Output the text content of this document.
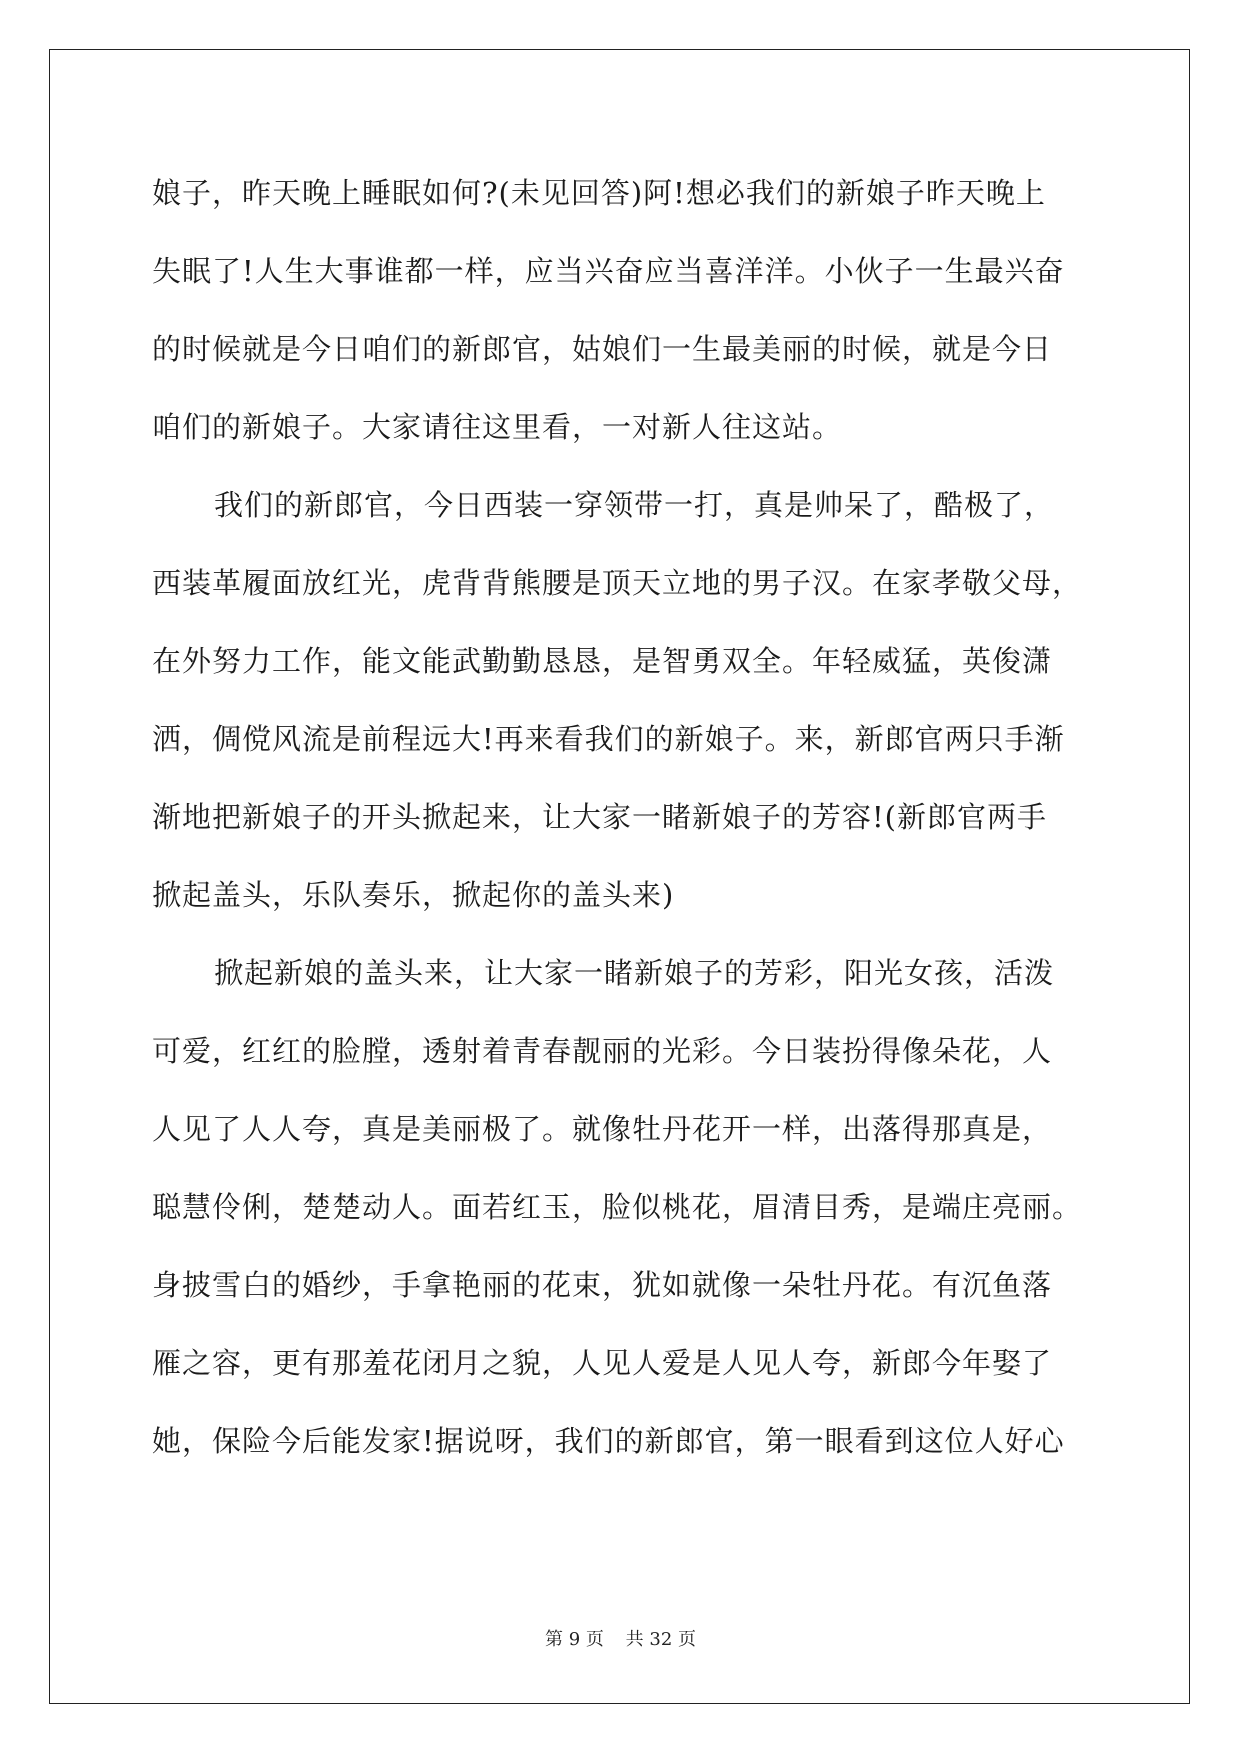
娘子，昨天晚上睡眠如何?(未见回答)阿!想必我们的新娘子昨天晚上
失眠了!人生大事谁都一样，应当兴奋应当喜洋洋。小伙子一生最兴奋
的时候就是今日咱们的新郎官，姑娘们一生最美丽的时候，就是今日
咱们的新娘子。大家请往这里看，一对新人往这站。
我们的新郎官，今日西装一穿领带一打，真是帅呆了，酷极了，
西装革履面放红光，虎背背熊腰是顶天立地的男子汉。在家孝敬父母，
在外努力工作，能文能武勤勤恳恳，是智勇双全。年轻威猛，英俊潇
洒，倜傥风流是前程远大!再来看我们的新娘子。来，新郎官两只手渐
渐地把新娘子的开头掀起来，让大家一睹新娘子的芳容!(新郎官两手
掀起盖头，乐队奏乐，掀起你的盖头来)
掀起新娘的盖头来，让大家一睹新娘子的芳彩，阳光女孩，活泼
可爱，红红的脸膛，透射着青春靓丽的光彩。今日装扮得像朵花，人
人见了人人夸，真是美丽极了。就像牡丹花开一样，出落得那真是，
聪慧伶俐，楚楚动人。面若红玉，脸似桃花，眉清目秀，是端庄亮丽。
身披雪白的婚纱，手拿艳丽的花束，犹如就像一朵牡丹花。有沉鱼落
雁之容，更有那羞花闭月之貌，人见人爱是人见人夸，新郎今年娶了
她，保险今后能发家!据说呀，我们的新郎官，第一眼看到这位人好心
第 9 页 共 32 页
